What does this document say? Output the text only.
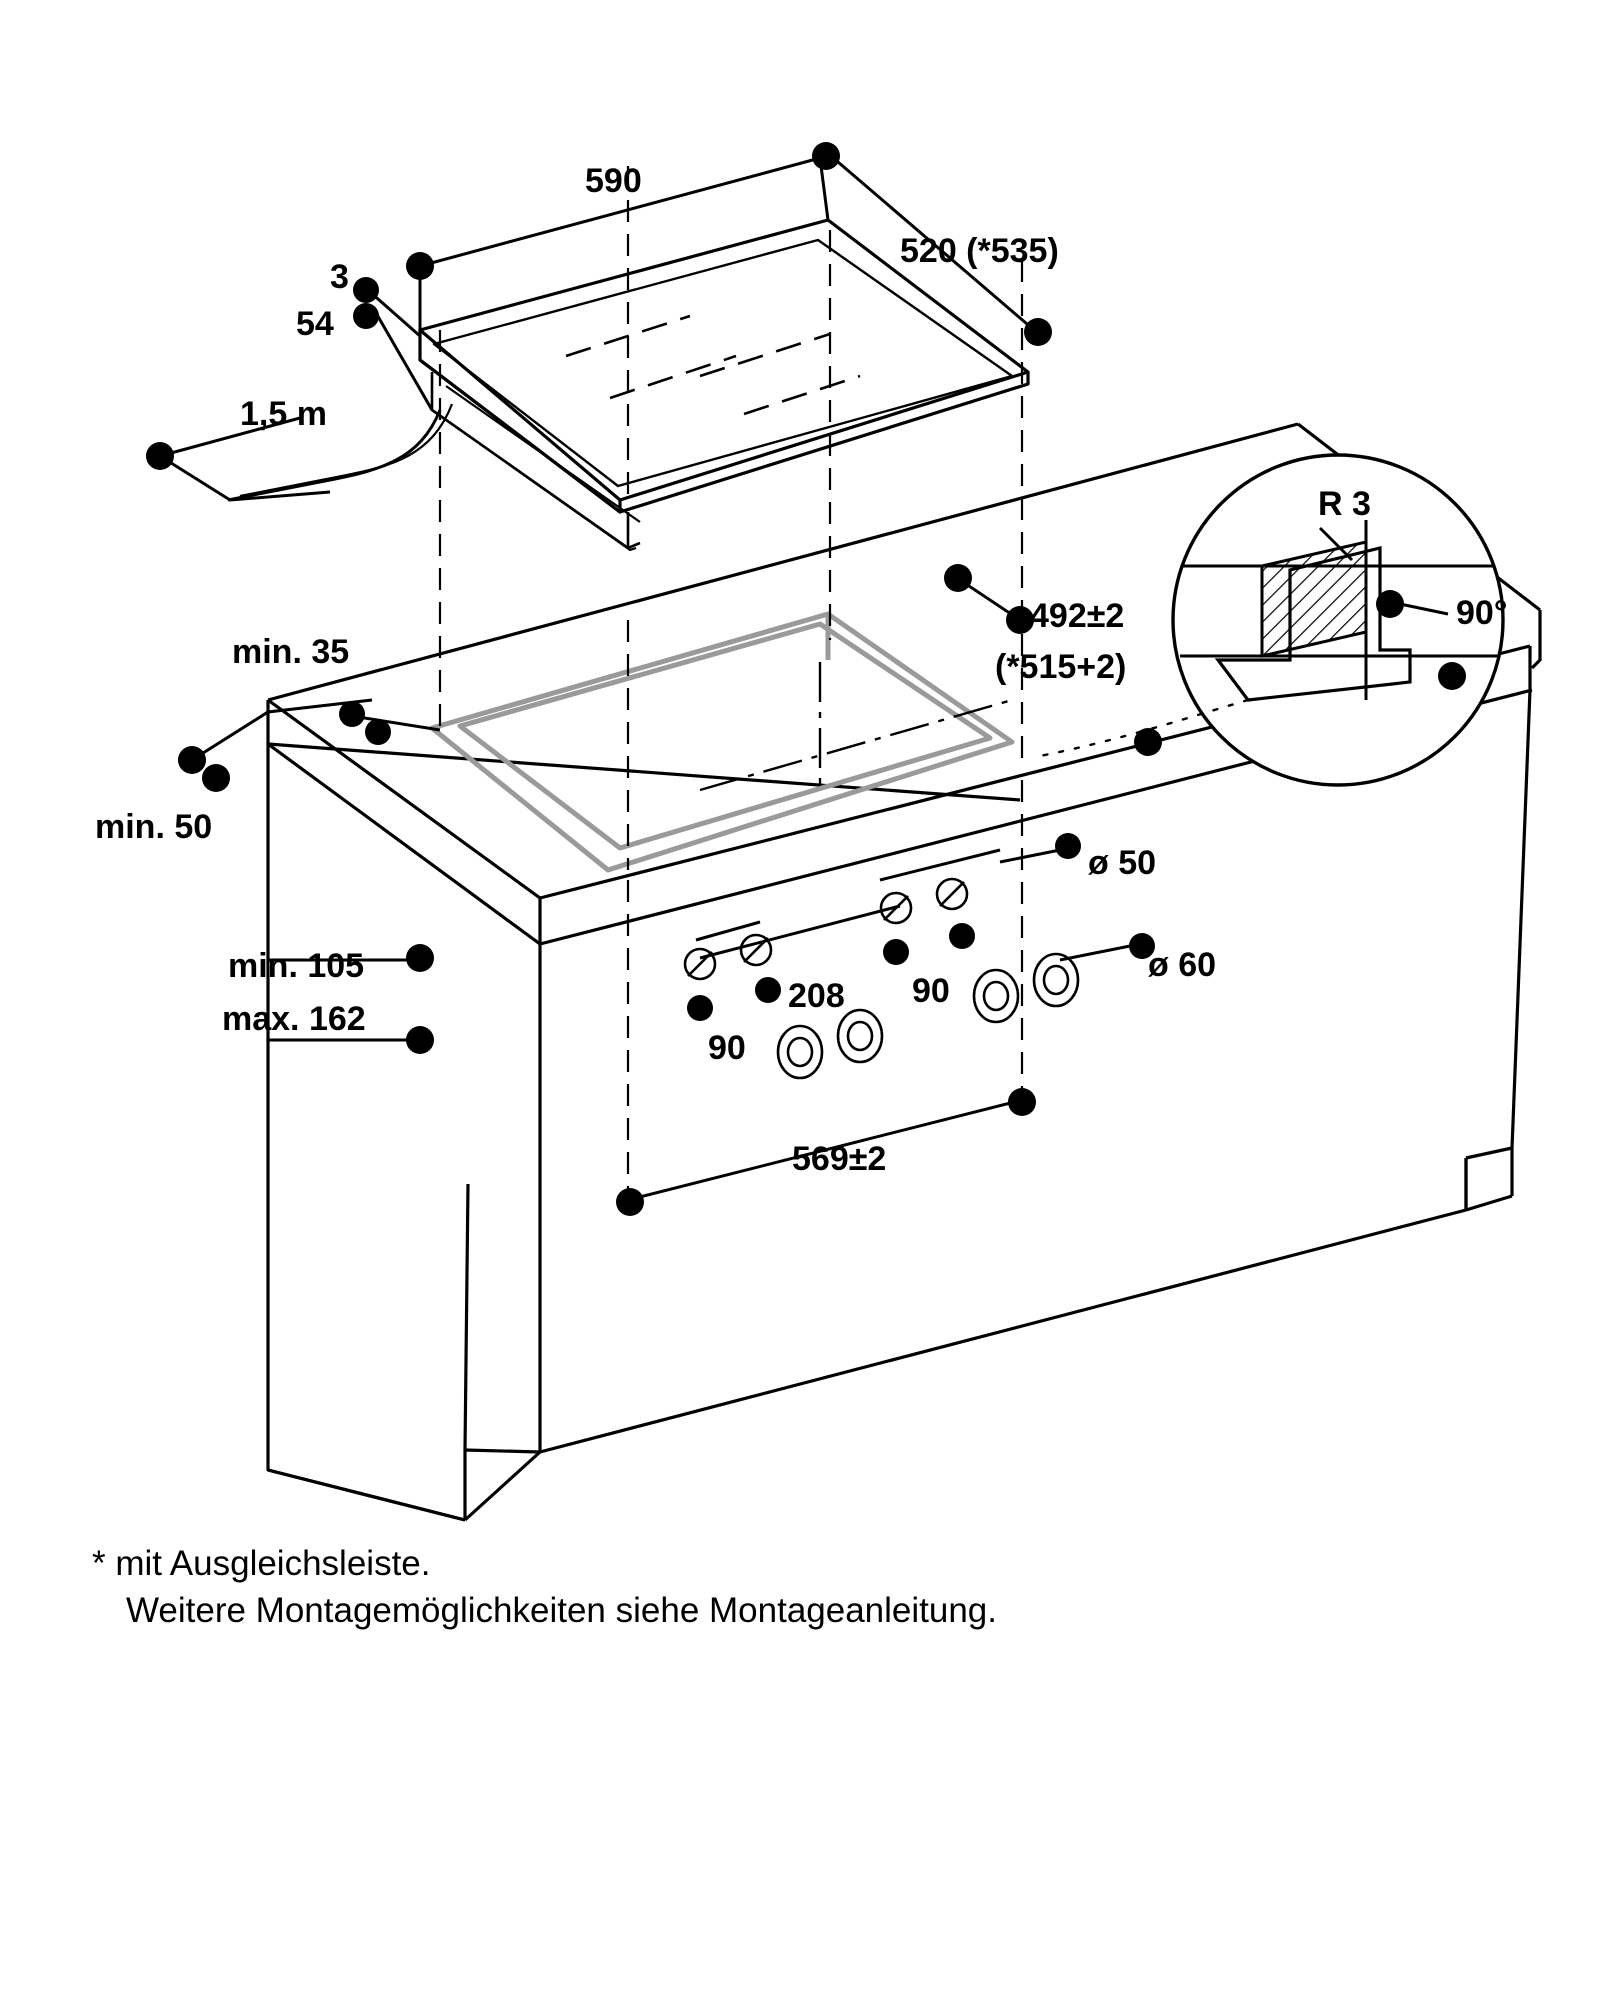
590
520 (*535)
3
54
1,5 m
min. 35
min. 50
min. 105
max. 162
492±2
(*515+2)
208
90
90
ø 50
ø 60
569±2
R 3
90°
* mit Ausgleichsleiste.
Weitere Montagemöglichkeiten siehe Montageanleitung.
